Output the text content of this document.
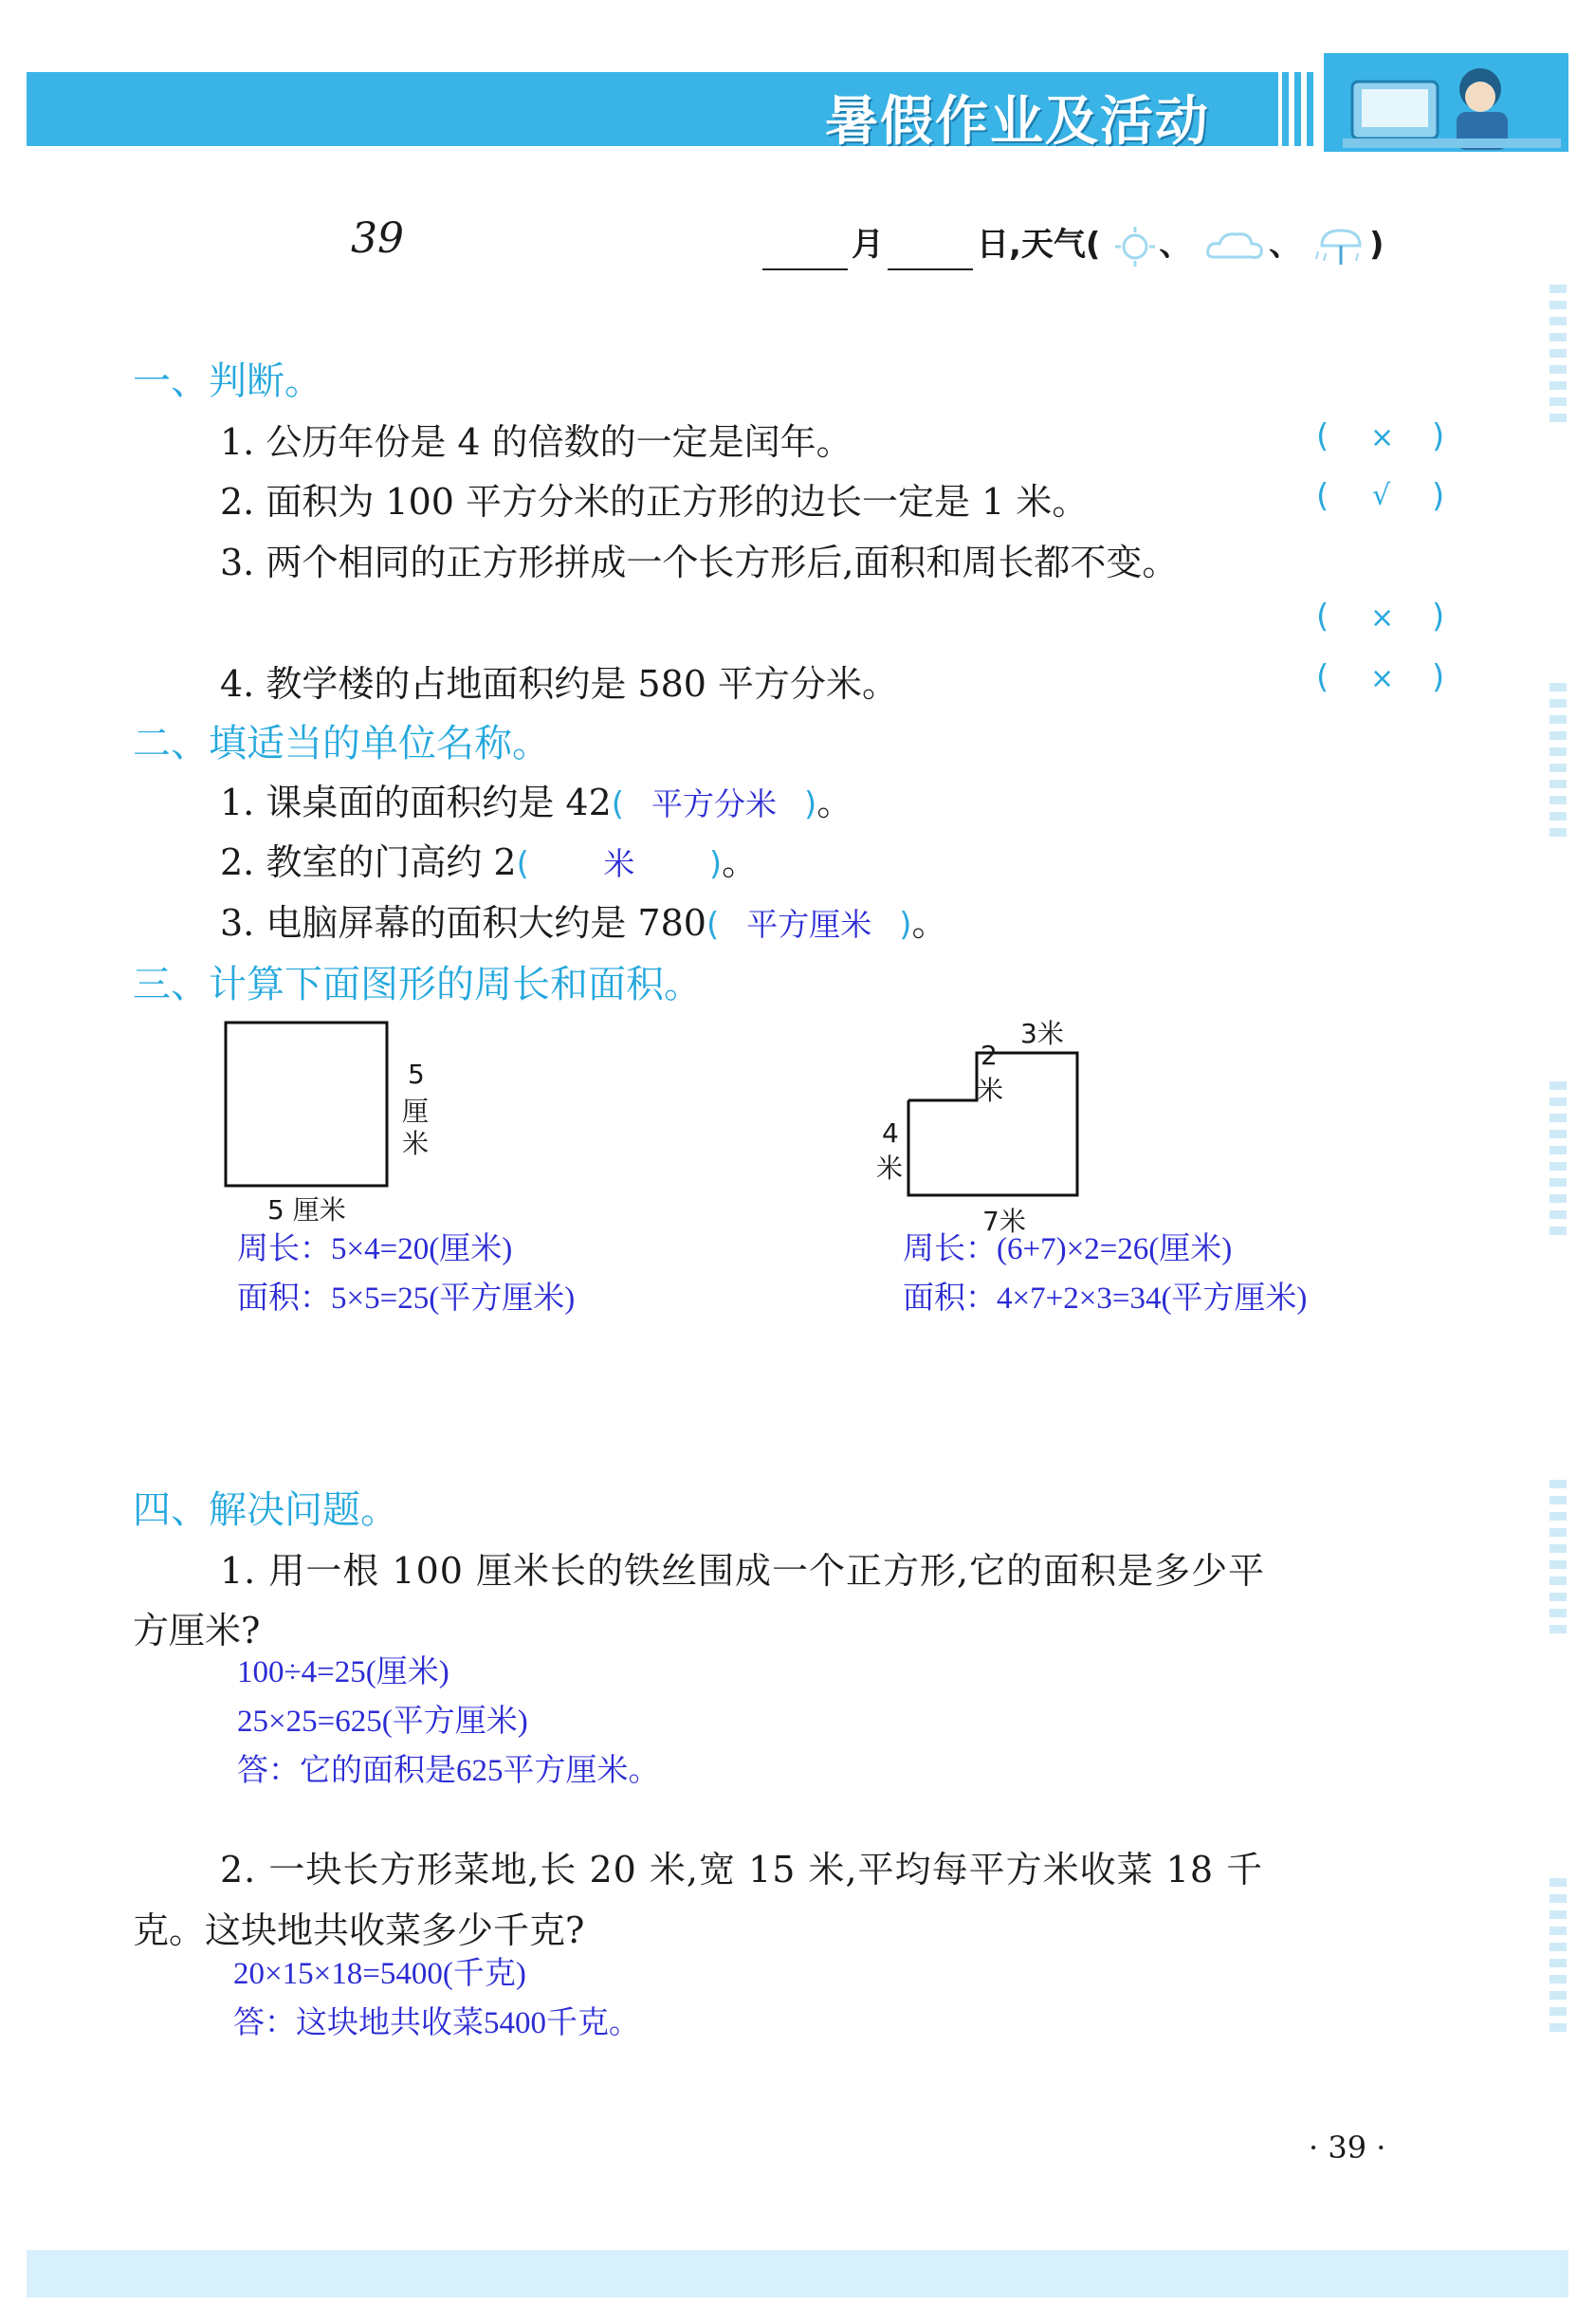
暑假作业及活动
39	月	日,天气( 、 、 )
一、判断。
1. 公历年份是 4 的倍数的一定是闰年。	( × )
2. 面积为 100 平方分米的正方形的边长一定是 1 米。	( √ )
3. 两个相同的正方形拼成一个长方形后,面积和周长都不变。
( × )
4. 教学楼的占地面积约是 580 平方分米。	( × )
二、填适当的单位名称。
1. 课桌面的面积约是 42( 平方分米 )。
2. 教室的门高约 2( 米 )。
3. 电脑屏幕的面积大约是 780( 平方厘米 )。
三、计算下面图形的周长和面积。
5
厘
米
5 厘米
3米
2
米
4
米
7米
周长：5×4=20(厘米)
面积：5×5=25(平方厘米)
周长：(6+7)×2=26(厘米)
面积：4×7+2×3=34(平方厘米)
四、解决问题。
1. 用一根 100 厘米长的铁丝围成一个正方形,它的面积是多少平
方厘米?
100÷4=25(厘米)
25×25=625(平方厘米)
答：它的面积是625平方厘米。
2. 一块长方形菜地,长 20 米,宽 15 米,平均每平方米收菜 18 千
克。这块地共收菜多少千克?
20×15×18=5400(千克)
答：这块地共收菜5400千克。
· 39 ·
